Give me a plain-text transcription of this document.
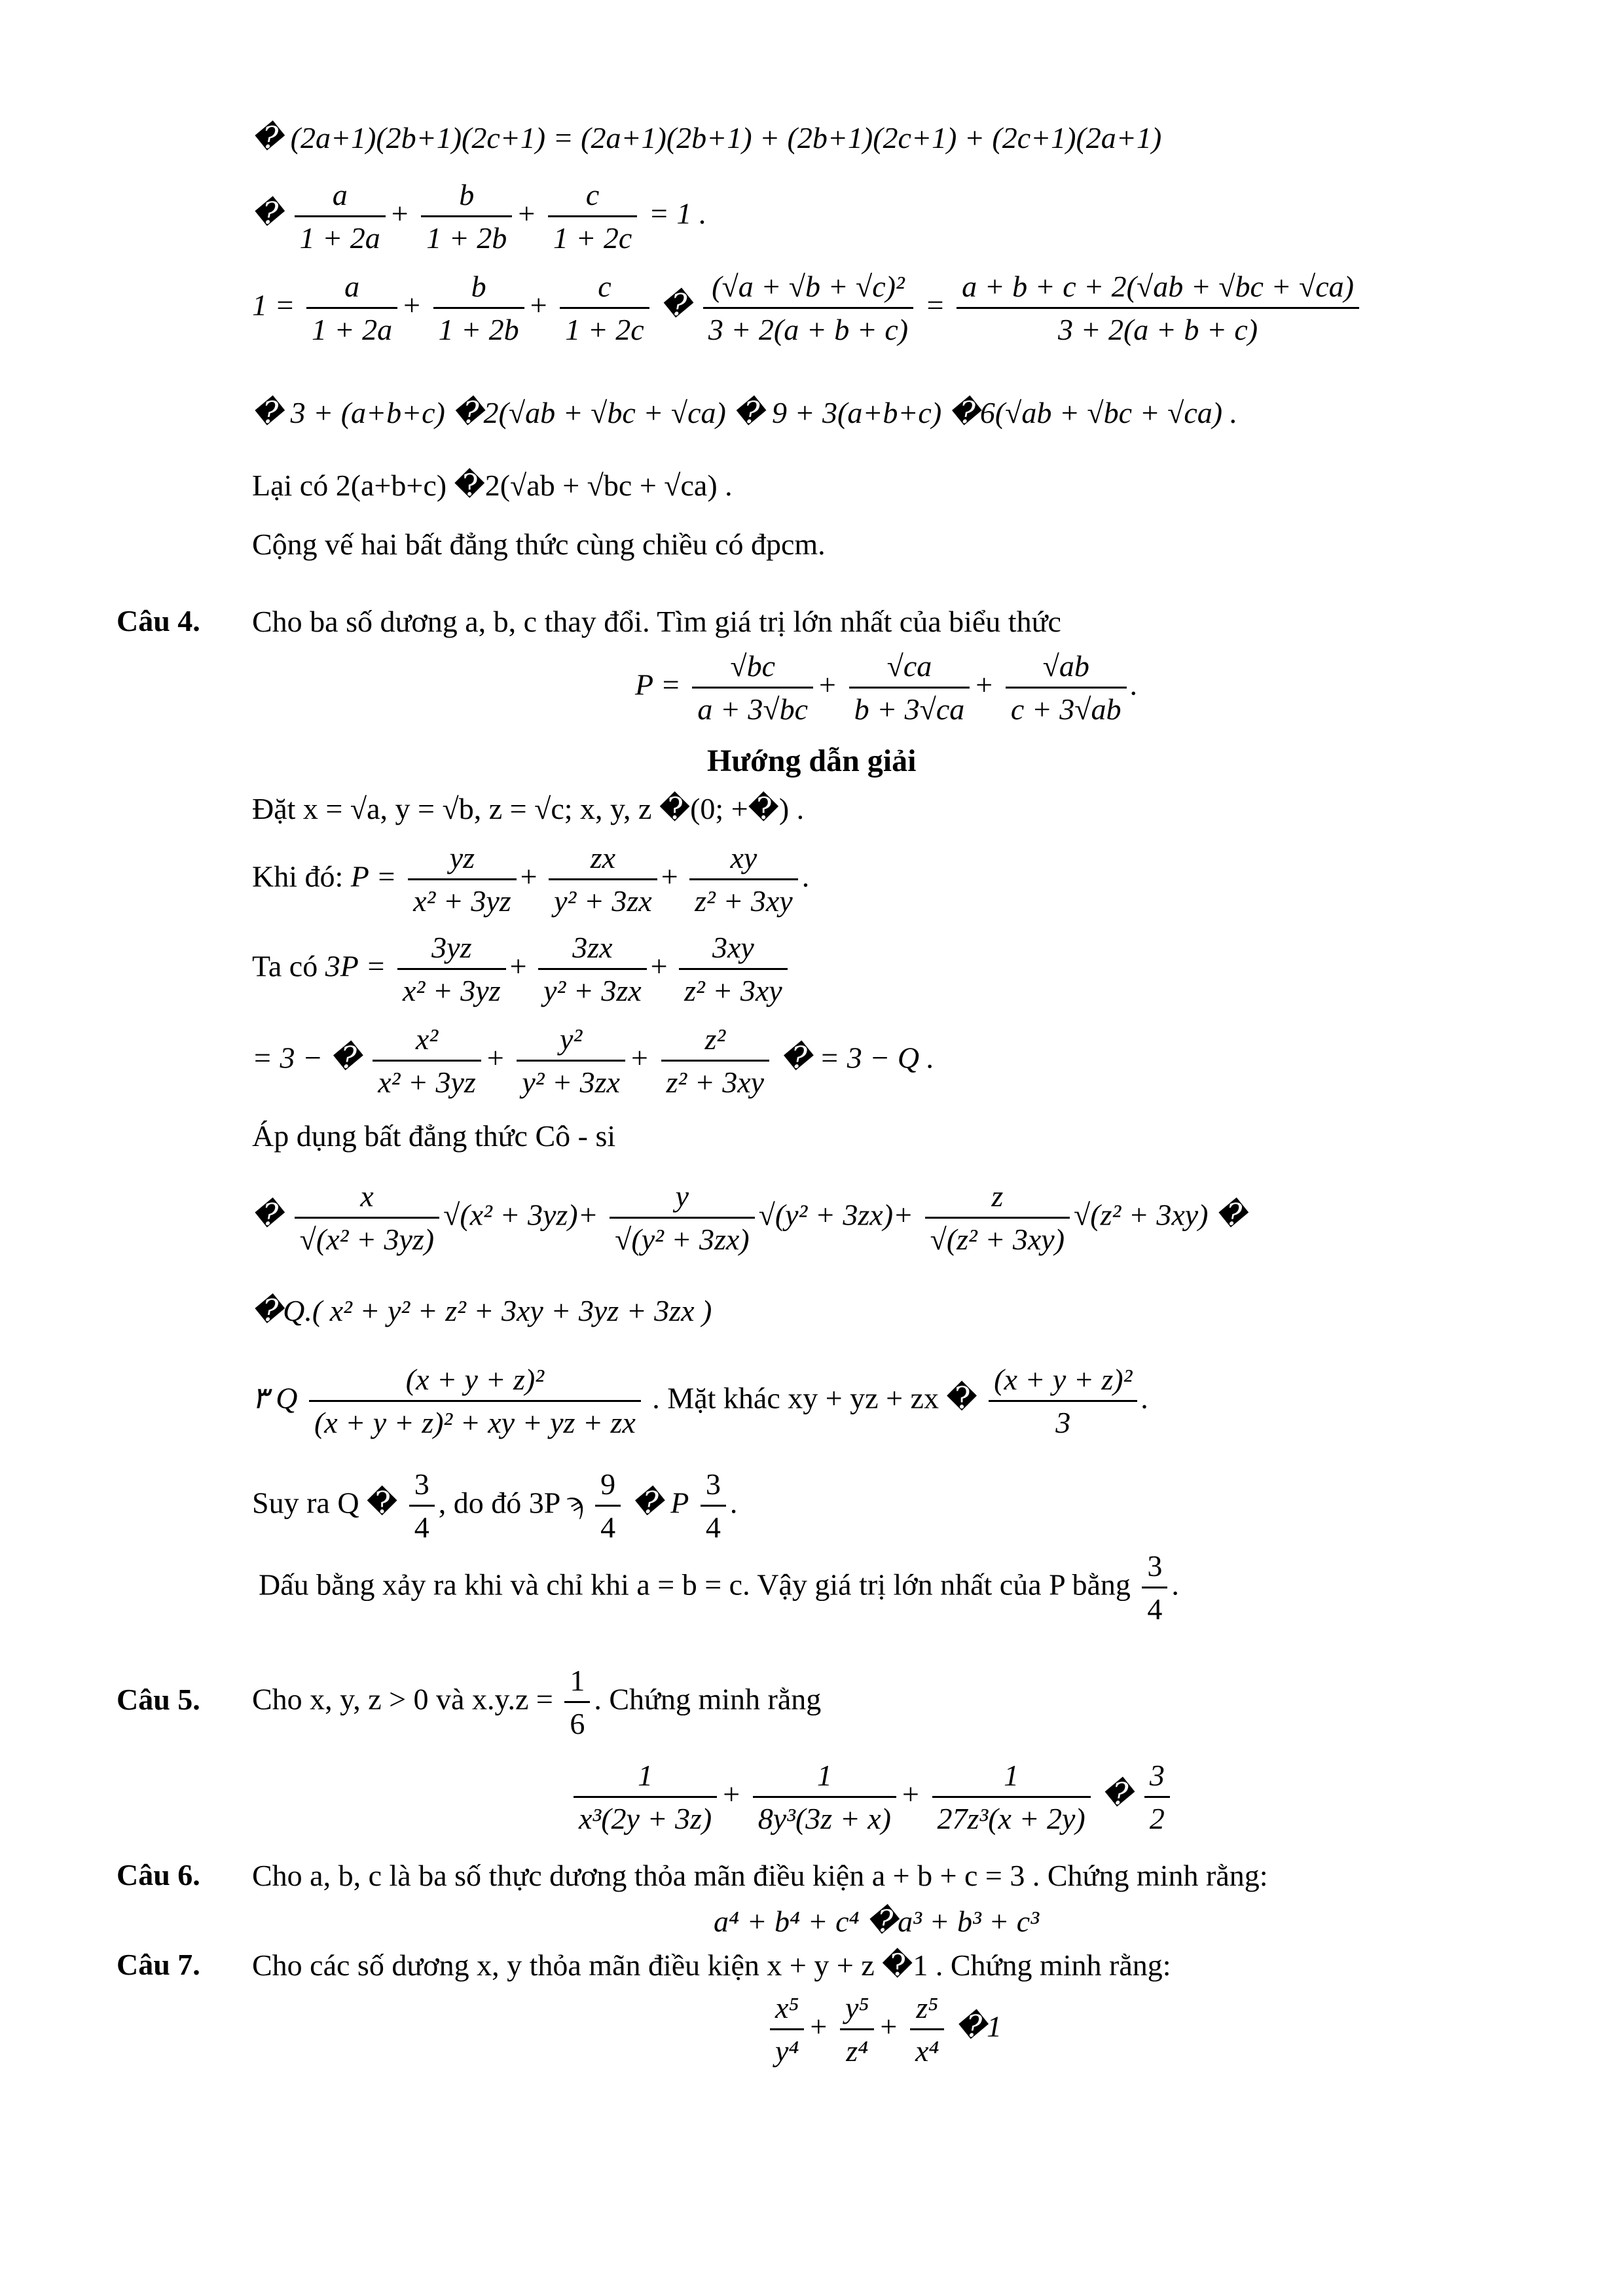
� (2a+1)(2b+1)(2c+1) = (2a+1)(2b+1) + (2b+1)(2c+1) + (2c+1)(2a+1)
� $\frac{a}{1 + 2a} + \frac{b}{1 + 2b} + \frac{c}{1 + 2c} = 1$ .
$1 = \frac{a}{1 + 2a} + \frac{b}{1 + 2b} + \frac{c}{1 + 2c}$ � $\frac{\text{(√a + √b + √c)²}}{3 + 2(a + b + c)} = \frac{a + b + c + 2(√ab + √bc + √ca)}{3 + 2(a + b + c)}$
� 3 + (a+b+c) �2(√ab + √bc + √ca) � 9 + 3(a+b+c) �6(√ab + √bc + √ca) .
Lại có 2(a+b+c) �2(√ab + √bc + √ca) .
Cộng vế hai bất đẳng thức cùng chiều có đpcm.
Câu 4. Cho ba số dương a, b, c thay đổi. Tìm giá trị lớn nhất của biểu thức
$P = \frac{√bc}{a + 3√bc} + \frac{√ca}{b + 3√ca} + \frac{√ab}{c + 3√ab}$ .
Hướng dẫn giải
Đặt x = √a, y = √b, z = √c; x, y, z �(0; +�) .
Khi đó: $P = \frac{yz}{\text{x² + 3yz}} + \frac{zx}{\text{y² + 3zx}} + \frac{xy}{\text{z² + 3xy}}$ .
Ta có $3P = \frac{3yz}{\text{x² + 3yz}} + \frac{3zx}{\text{y² + 3zx}} + \frac{3xy}{\text{z² + 3xy}}$
= 3 − � $\frac{\text{x²}}{\text{x² + 3yz}} + \frac{\text{y²}}{\text{y² + 3zx}} + \frac{\text{z²}}{\text{z² + 3xy}}$ � = 3 − Q .
Áp dụng bất đẳng thức Cô - si
� $\frac{x}{\text{√(x² + 3yz)}} √(x^2 + 3yz)+ \frac{y}{\text{√(y² + 3zx)}} √(y^2 + 3zx)+ \frac{z}{\text{√(z² + 3xy)}} √(z^2 + 3xy)$ �
�Q.( x² + y² + z² + 3xy + 3yz + 3zx )
٣ Q $\frac{\text{(x + y + z)²}}{\text{(x + y + z)² + xy + yz + zx}}$ . Mặt khác xy + yz + zx � $\frac{\text{(x + y + z)²}}{3}$ .
Suy ra Q � $\frac{3}{4}$ , do đó 3P ϡ $\frac{9}{4}$ � P $\frac{3}{4}$ .
Dấu bằng xảy ra khi và chỉ khi a = b = c. Vậy giá trị lớn nhất của P bằng $\frac{3}{4}$ .
Câu 5. Cho x, y, z > 0 và $x.y.z = \frac{1}{6}$ . Chứng minh rằng
$\frac{1}{\text{x³(2y + 3z)}} + \frac{1}{\text{8y³(3z + x)}} + \frac{1}{\text{27z³(x + 2y)}}$ � $\frac{3}{2}$
Câu 6. Cho a, b, c là ba số thực dương thỏa mãn điều kiện a + b + c = 3 . Chứng minh rằng:
a⁴ + b⁴ + c⁴ �a³ + b³ + c³
Câu 7. Cho các số dương x, y thỏa mãn điều kiện x + y + z �1 . Chứng minh rằng:
$\frac{\text{x⁵}}{\text{y⁴}} + \frac{\text{y⁵}}{\text{z⁴}} + \frac{\text{z⁵}}{\text{x⁴}}$ �1
